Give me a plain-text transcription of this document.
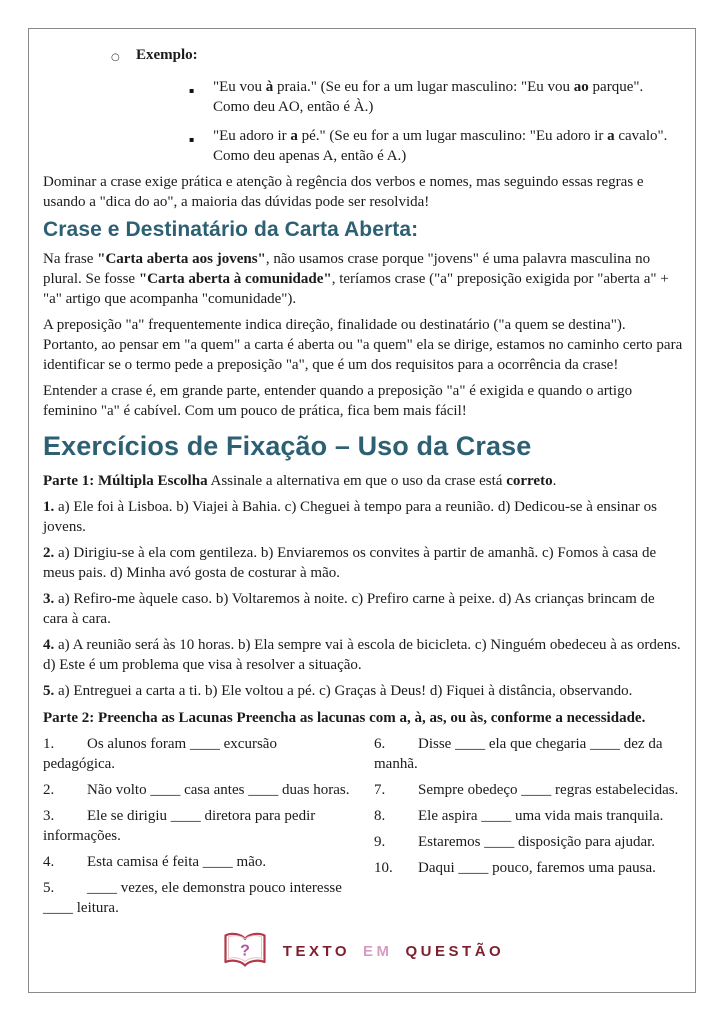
○	Exemplo:
▪	"Eu vou à praia." (Se eu for a um lugar masculino: "Eu vou ao parque". Como deu AO, então é À.)
▪	"Eu adoro ir a pé." (Se eu for a um lugar masculino: "Eu adoro ir a cavalo". Como deu apenas A, então é A.)

Dominar a crase exige prática e atenção à regência dos verbos e nomes, mas seguindo essas regras e usando a "dica do ao", a maioria das dúvidas pode ser resolvida!

Crase e Destinatário da Carta Aberta:

Na frase "Carta aberta aos jovens", não usamos crase porque "jovens" é uma palavra masculina no plural. Se fosse "Carta aberta à comunidade", teríamos crase ("a" preposição exigida por "aberta a" + "a" artigo que acompanha "comunidade").

A preposição "a" frequentemente indica direção, finalidade ou destinatário ("a quem se destina"). Portanto, ao pensar em "a quem" a carta é aberta ou "a quem" ela se dirige, estamos no caminho certo para identificar se o termo pede a preposição "a", que é um dos requisitos para a ocorrência da crase!

Entender a crase é, em grande parte, entender quando a preposição "a" é exigida e quando o artigo feminino "a" é cabível. Com um pouco de prática, fica bem mais fácil!

Exercícios de Fixação – Uso da Crase

Parte 1: Múltipla Escolha Assinale a alternativa em que o uso da crase está correto.

1. a) Ele foi à Lisboa. b) Viajei à Bahia. c) Cheguei à tempo para a reunião. d) Dedicou-se à ensinar os jovens.

2. a) Dirigiu-se à ela com gentileza. b) Enviaremos os convites à partir de amanhã. c) Fomos à casa de meus pais. d) Minha avó gosta de costurar à mão.

3. a) Refiro-me àquele caso. b) Voltaremos à noite. c) Prefiro carne à peixe. d) As crianças brincam de cara à cara.

4. a) A reunião será às 10 horas. b) Ela sempre vai à escola de bicicleta. c) Ninguém obedeceu à as ordens. d) Este é um problema que visa à resolver a situação.

5. a) Entreguei a carta a ti. b) Ele voltou a pé. c) Graças à Deus! d) Fiquei à distância, observando.

Parte 2: Preencha as Lacunas Preencha as lacunas com a, à, as, ou às, conforme a necessidade.

1. Os alunos foram ____ excursão pedagógica.

2. Não volto ____ casa antes ____ duas horas.

3. Ele se dirigiu ____ diretora para pedir informações.

4. Esta camisa é feita ____ mão.

5. ____ vezes, ele demonstra pouco interesse ____ leitura.

6. Disse ____ ela que chegaria ____ dez da manhã.

7. Sempre obedeço ____ regras estabelecidas.

8. Ele aspira ____ uma vida mais tranquila.

9. Estaremos ____ disposição para ajudar.

10. Daqui ____ pouco, faremos uma pausa.

? TEXTO EM QUESTÃO
